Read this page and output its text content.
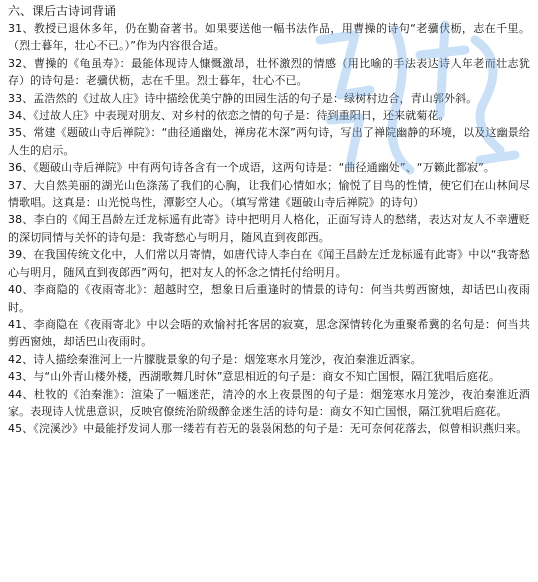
六、课后古诗词背诵

31、教授已退休多年，仍在勤奋著书。如果要送他一幅书法作品，用曹操的诗句“老骥伏枥，志在千里。（烈士暮年，壮心不已。）”作为内容很合适。

32、曹操的《龟虽寿》：最能体现诗人慷慨激昂，壮怀激烈的情感（用比喻的手法表达诗人年老而壮志犹存）的诗句是：老骥伏枥，志在千里。烈士暮年，壮心不已。

33、孟浩然的《过故人庄》诗中描绘优美宁静的田园生活的句子是：绿树村边合，青山郭外斜。

34、《过故人庄》中表现对朋友、对乡村的依恋之情的句子是：待到重阳日，还来就菊花。

35、常建《题破山寺后禅院》：“曲径通幽处，禅房花木深”两句诗，写出了禅院幽静的环境，以及这幽景给人生的启示。

36、《题破山寺后禅院》中有两句诗各含有一个成语，这两句诗是：“曲径通幽处”、“万籁此都寂”。

37、大自然美丽的湖光山色涤荡了我们的心胸，让我们心情如水；愉悦了目鸟的性情，使它们在山林间尽情歌唱。这真是：山光悦鸟性，潭影空人心。（填写常建《题破山寺后禅院》的诗句）

38、李白的《闻王昌龄左迁龙标遥有此寄》诗中把明月人格化，正面写诗人的愁绪，表达对友人不幸遭贬的深切同情与关怀的诗句是：我寄愁心与明月，随风直到夜郎西。

39、在我国传统文化中，人们常以月寄情，如唐代诗人李白在《闻王昌龄左迁龙标遥有此寄》中以“我寄愁心与明月，随风直到夜郎西”两句，把对友人的怀念之情托付给明月。

40、李商隐的《夜雨寄北》：超越时空，想象日后重逢时的情景的诗句：何当共剪西窗烛，却话巴山夜雨时。

41、李商隐在《夜雨寄北》中以会晤的欢愉衬托客居的寂寞，思念深情转化为重聚希冀的名句是：何当共剪西窗烛，却话巴山夜雨时。

42、诗人描绘秦淮河上一片朦胧景象的句子是：烟笼寒水月笼沙，夜泊秦淮近酒家。

43、与“山外青山楼外楼，西湖歌舞几时休”意思相近的句子是：商女不知亡国恨，隔江犹唱后庭花。

44、杜牧的《泊秦淮》：渲染了一幅迷茫，清冷的水上夜景图的句子是：烟笼寒水月笼沙，夜泊秦淮近酒家。表现诗人忧患意识，反映官僚统治阶级醉金迷生活的诗句是：商女不知亡国恨，隔江犹唱后庭花。

45、《浣溪沙》中最能抒发词人那一缕若有若无的袅袅闲愁的句子是：无可奈何花落去，似曾相识燕归来。
